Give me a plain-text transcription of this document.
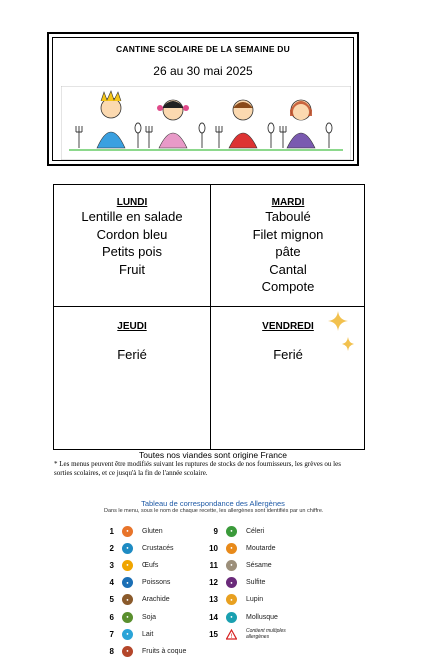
CANTINE SCOLAIRE DE LA SEMAINE DU
26 au 30 mai 2025
LUNDI
Lentille en salade
Cordon bleu
Petits pois
Fruit
MARDI
Taboulé
Filet mignon
pâte
Cantal
Compote
JEUDI
Ferié
VENDREDI
Ferié
Toutes nos viandes sont origine France
* Les menus peuvent être modifiés suivant les ruptures de stocks de nos fournisseurs, les grèves ou les sorties scolaires, et ce jusqu'à la fin de l'année scolaire.
Tableau de correspondance des Allergènes
Dans le menu, sous le nom de chaque recette, les allergènes sont identifiés par un chiffre.
1	●	Gluten
2	●	Crustacés
3	●	Œufs
4	●	Poissons
5	●	Arachide
6	●	Soja
7	●	Lait
8	●	Fruits à coque
9	●	Céleri
10	●	Moutarde
11	●	Sésame
12	●	Sulfite
13	●	Lupin
14	●	Mollusque
15 !
Contient multiples allergènes
